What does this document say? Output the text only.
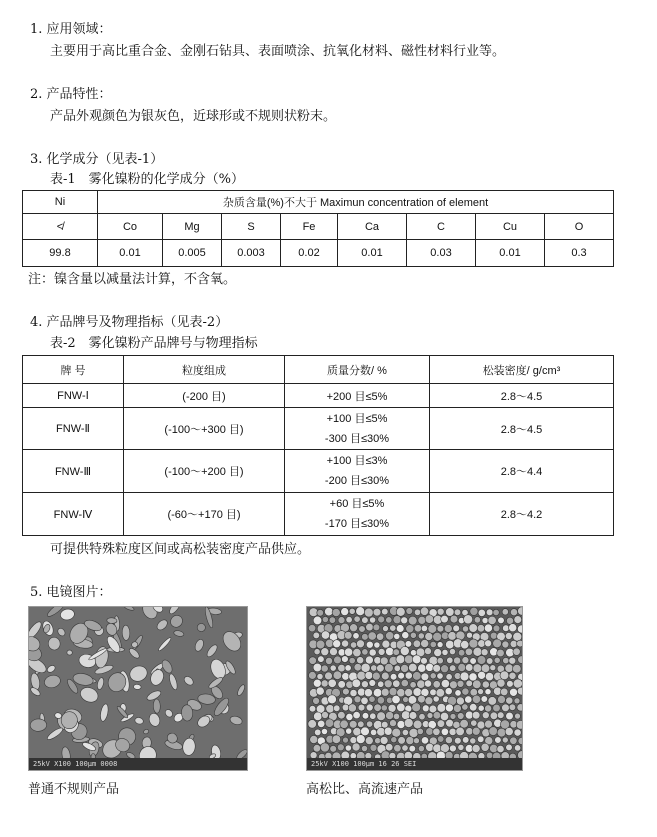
1. 应用领域：
主要用于高比重合金、金刚石钻具、表面喷涂、抗氧化材料、磁性材料行业等。
2. 产品特性：
产品外观颜色为银灰色，近球形或不规则状粉末。
3. 化学成分（见表-1）
表-1　雾化镍粉的化学成分（%）
Ni	杂质含量(%)不大于 Maximun concentration of element							
≮	Co	Mg	S	Fe	Ca	C	Cu	O
99.8	0.01	0.005	0.003	0.02	0.01	0.03	0.01	0.3
注：镍含量以减量法计算，不含氧。
4. 产品牌号及物理指标（见表-2）
表-2　雾化镍粉产品牌号与物理指标
牌 号	粒度组成	质量分数/ %	松装密度/ g/cm³
FNW-Ⅰ	(-200 目)	+200 目≤5%	2.8～4.5
FNW-Ⅱ	(-100～+300 目)	+100 目≤5%
-300 目≤30%	2.8～4.5
FNW-Ⅲ	(-100～+200 目)	+100 目≤3%
-200 目≤30%	2.8～4.4
FNW-Ⅳ	(-60～+170 目)	+60 目≤5%
-170 目≤30%	2.8～4.2
可提供特殊粒度区间或高松装密度产品供应。
5. 电镜图片：
25kV X100 100μm 0008
普通不规则产品
25kV X100 100μm 16 26 SEI
高松比、高流速产品
